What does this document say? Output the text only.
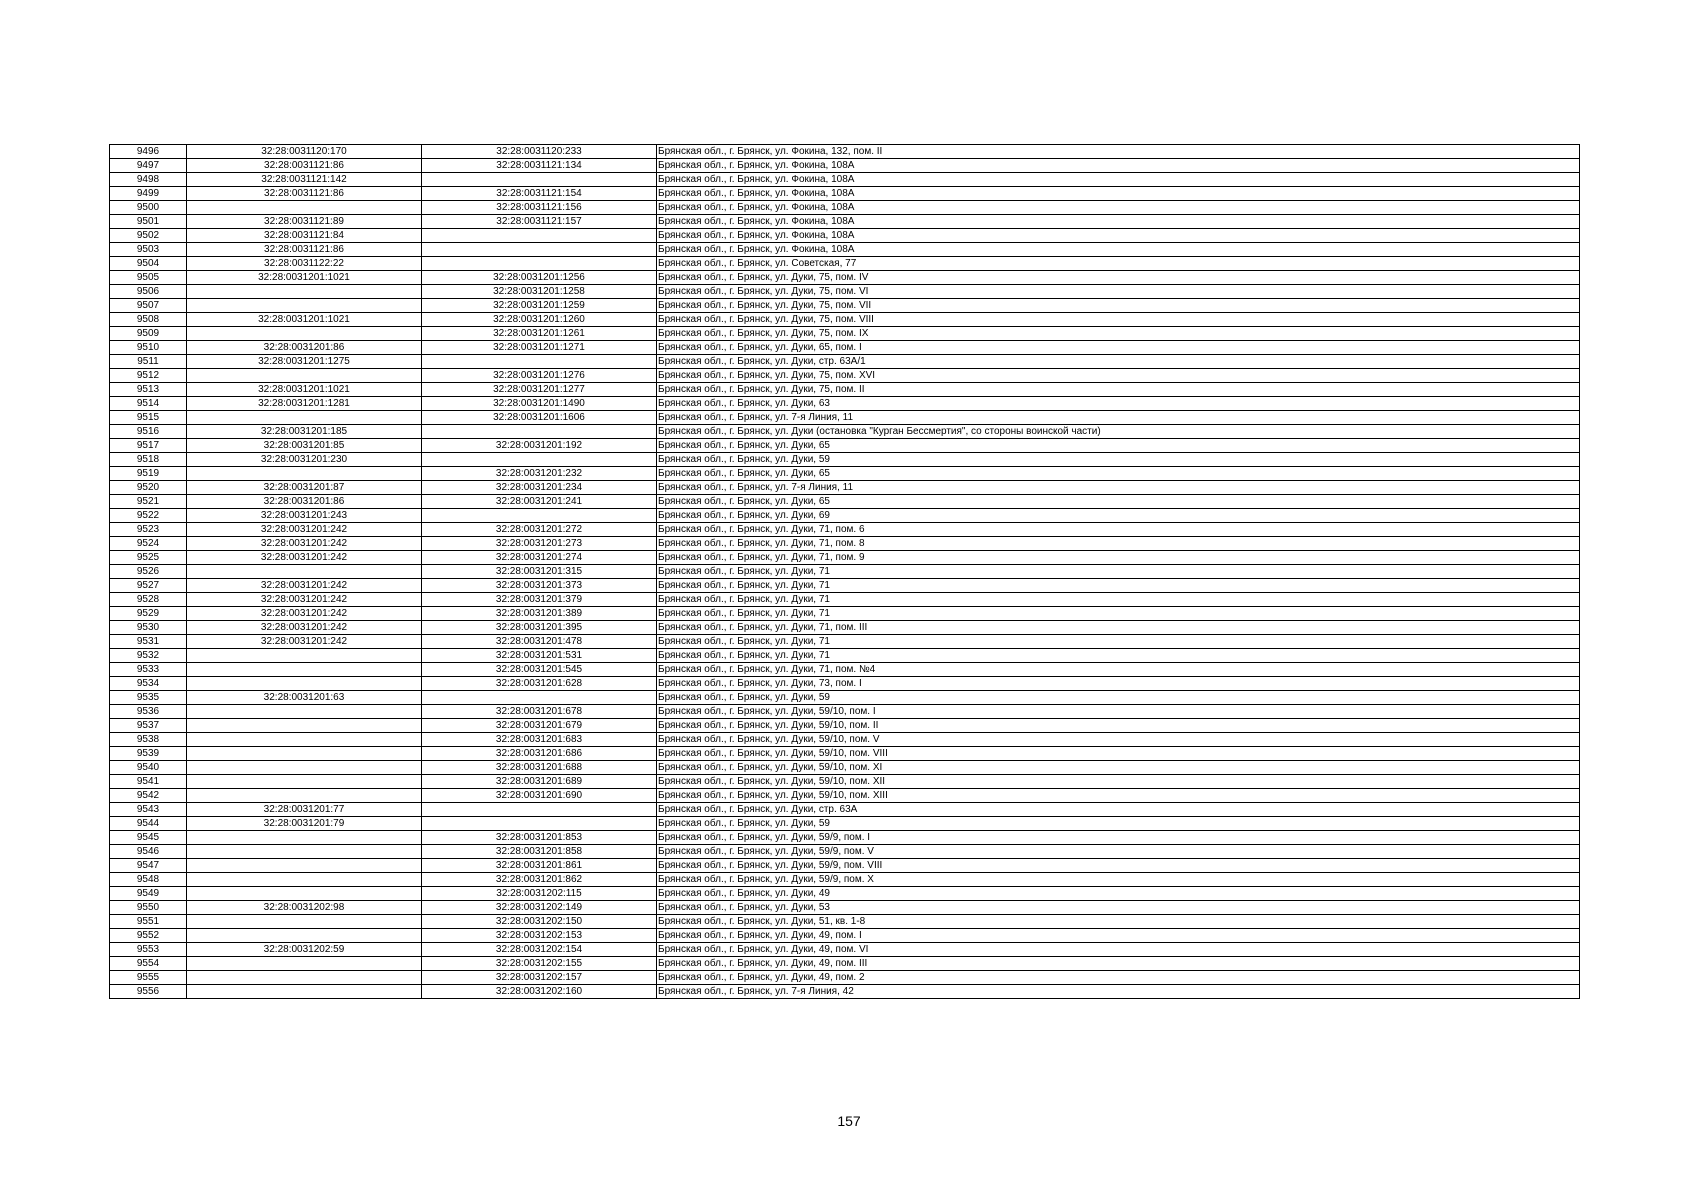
9496	32:28:0031120:170	32:28:0031120:233	Брянская обл., г. Брянск, ул. Фокина, 132, пом. II
9497	32:28:0031121:86	32:28:0031121:134	Брянская обл., г. Брянск, ул. Фокина, 108А
9498	32:28:0031121:142		Брянская обл., г. Брянск, ул. Фокина, 108А
9499	32:28:0031121:86	32:28:0031121:154	Брянская обл., г. Брянск, ул. Фокина, 108А
9500		32:28:0031121:156	Брянская обл., г. Брянск, ул. Фокина, 108А
9501	32:28:0031121:89	32:28:0031121:157	Брянская обл., г. Брянск, ул. Фокина, 108А
9502	32:28:0031121:84		Брянская обл., г. Брянск, ул. Фокина, 108А
9503	32:28:0031121:86		Брянская обл., г. Брянск, ул. Фокина, 108А
9504	32:28:0031122:22		Брянская обл., г. Брянск, ул. Советская, 77
9505	32:28:0031201:1021	32:28:0031201:1256	Брянская обл., г. Брянск, ул. Дуки, 75, пом. IV
9506		32:28:0031201:1258	Брянская обл., г. Брянск, ул. Дуки, 75, пом. VI
9507		32:28:0031201:1259	Брянская обл., г. Брянск, ул. Дуки, 75, пом. VII
9508	32:28:0031201:1021	32:28:0031201:1260	Брянская обл., г. Брянск, ул. Дуки, 75, пом. VIII
9509		32:28:0031201:1261	Брянская обл., г. Брянск, ул. Дуки, 75, пом. IX
9510	32:28:0031201:86	32:28:0031201:1271	Брянская обл., г. Брянск, ул. Дуки, 65, пом. I
9511	32:28:0031201:1275		Брянская обл., г. Брянск, ул. Дуки, стр. 63А/1
9512		32:28:0031201:1276	Брянская обл., г. Брянск, ул. Дуки, 75, пом. XVI
9513	32:28:0031201:1021	32:28:0031201:1277	Брянская обл., г. Брянск, ул. Дуки, 75, пом. II
9514	32:28:0031201:1281	32:28:0031201:1490	Брянская обл., г. Брянск, ул. Дуки, 63
9515		32:28:0031201:1606	Брянская обл., г. Брянск, ул. 7-я Линия, 11
9516	32:28:0031201:185		Брянская обл., г. Брянск, ул. Дуки (остановка "Курган Бессмертия", со стороны воинской части)
9517	32:28:0031201:85	32:28:0031201:192	Брянская обл., г. Брянск, ул. Дуки, 65
9518	32:28:0031201:230		Брянская обл., г. Брянск, ул. Дуки, 59
9519		32:28:0031201:232	Брянская обл., г. Брянск, ул. Дуки, 65
9520	32:28:0031201:87	32:28:0031201:234	Брянская обл., г. Брянск, ул. 7-я Линия, 11
9521	32:28:0031201:86	32:28:0031201:241	Брянская обл., г. Брянск, ул. Дуки, 65
9522	32:28:0031201:243		Брянская обл., г. Брянск, ул. Дуки, 69
9523	32:28:0031201:242	32:28:0031201:272	Брянская обл., г. Брянск, ул. Дуки, 71, пом. 6
9524	32:28:0031201:242	32:28:0031201:273	Брянская обл., г. Брянск, ул. Дуки, 71, пом. 8
9525	32:28:0031201:242	32:28:0031201:274	Брянская обл., г. Брянск, ул. Дуки, 71, пом. 9
9526		32:28:0031201:315	Брянская обл., г. Брянск, ул. Дуки, 71
9527	32:28:0031201:242	32:28:0031201:373	Брянская обл., г. Брянск, ул. Дуки, 71
9528	32:28:0031201:242	32:28:0031201:379	Брянская обл., г. Брянск, ул. Дуки, 71
9529	32:28:0031201:242	32:28:0031201:389	Брянская обл., г. Брянск, ул. Дуки, 71
9530	32:28:0031201:242	32:28:0031201:395	Брянская обл., г. Брянск, ул. Дуки, 71, пом. III
9531	32:28:0031201:242	32:28:0031201:478	Брянская обл., г. Брянск, ул. Дуки, 71
9532		32:28:0031201:531	Брянская обл., г. Брянск, ул. Дуки, 71
9533		32:28:0031201:545	Брянская обл., г. Брянск, ул. Дуки, 71, пом. №4
9534		32:28:0031201:628	Брянская обл., г. Брянск, ул. Дуки, 73, пом. I
9535	32:28:0031201:63		Брянская обл., г. Брянск, ул. Дуки, 59
9536		32:28:0031201:678	Брянская обл., г. Брянск, ул. Дуки, 59/10, пом. I
9537		32:28:0031201:679	Брянская обл., г. Брянск, ул. Дуки, 59/10, пом. II
9538		32:28:0031201:683	Брянская обл., г. Брянск, ул. Дуки, 59/10, пом. V
9539		32:28:0031201:686	Брянская обл., г. Брянск, ул. Дуки, 59/10, пом. VIII
9540		32:28:0031201:688	Брянская обл., г. Брянск, ул. Дуки, 59/10, пом. XI
9541		32:28:0031201:689	Брянская обл., г. Брянск, ул. Дуки, 59/10, пом. XII
9542		32:28:0031201:690	Брянская обл., г. Брянск, ул. Дуки, 59/10, пом. XIII
9543	32:28:0031201:77		Брянская обл., г. Брянск, ул. Дуки, стр. 63А
9544	32:28:0031201:79		Брянская обл., г. Брянск, ул. Дуки, 59
9545		32:28:0031201:853	Брянская обл., г. Брянск, ул. Дуки, 59/9, пом. I
9546		32:28:0031201:858	Брянская обл., г. Брянск, ул. Дуки, 59/9, пом. V
9547		32:28:0031201:861	Брянская обл., г. Брянск, ул. Дуки, 59/9, пом. VIII
9548		32:28:0031201:862	Брянская обл., г. Брянск, ул. Дуки, 59/9, пом. X
9549		32:28:0031202:115	Брянская обл., г. Брянск, ул. Дуки, 49
9550	32:28:0031202:98	32:28:0031202:149	Брянская обл., г. Брянск, ул. Дуки, 53
9551		32:28:0031202:150	Брянская обл., г. Брянск, ул. Дуки, 51, кв. 1-8
9552		32:28:0031202:153	Брянская обл., г. Брянск, ул. Дуки, 49, пом. I
9553	32:28:0031202:59	32:28:0031202:154	Брянская обл., г. Брянск, ул. Дуки, 49, пом. VI
9554		32:28:0031202:155	Брянская обл., г. Брянск, ул. Дуки, 49, пом. III
9555		32:28:0031202:157	Брянская обл., г. Брянск, ул. Дуки, 49, пом. 2
9556		32:28:0031202:160	Брянская обл., г. Брянск, ул. 7-я Линия, 42
157
